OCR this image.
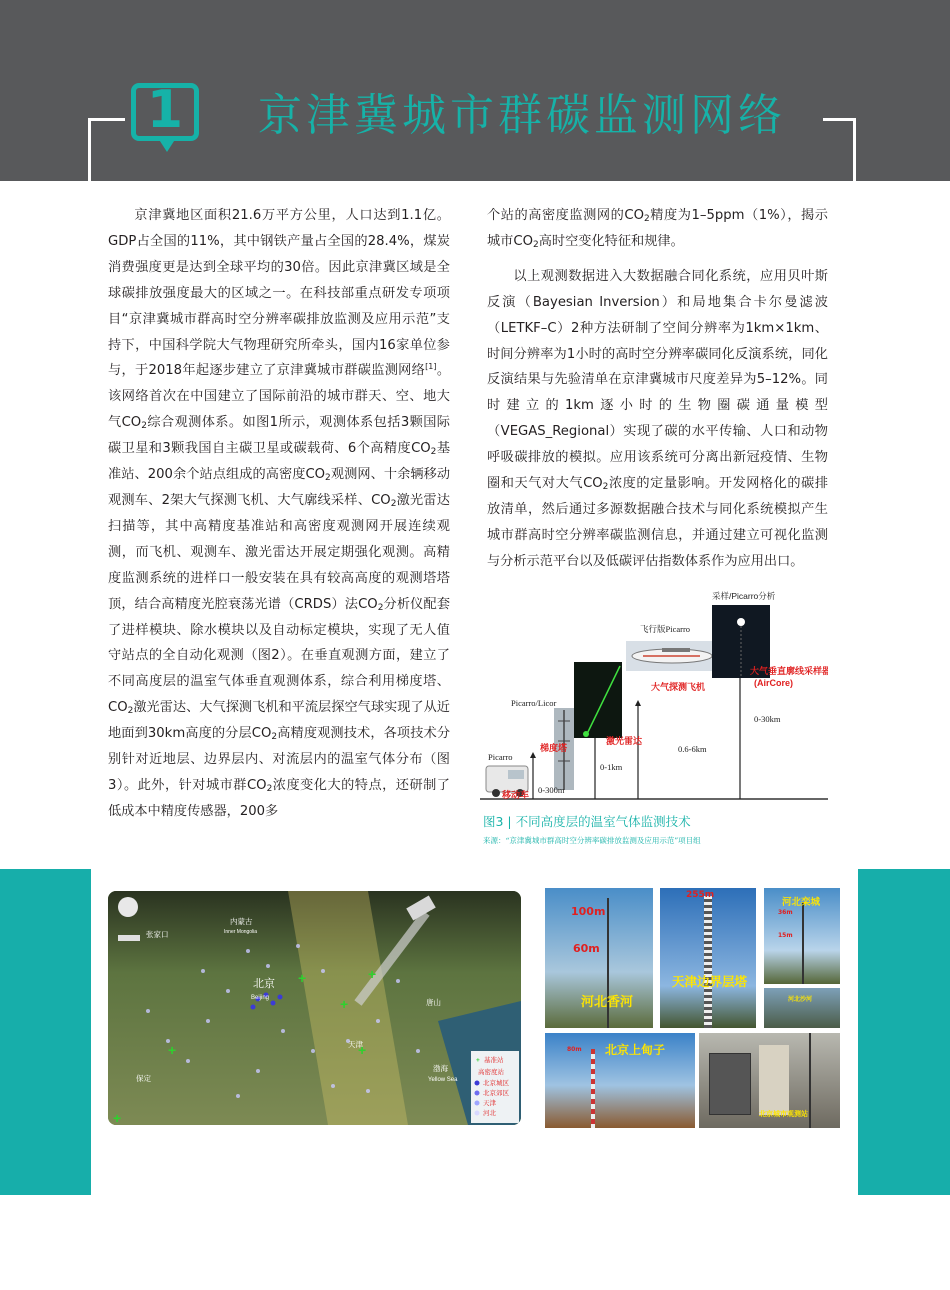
1	京津冀城市群碳监测网络

京津冀地区面积21.6万平方公里，人口达到1.1亿。GDP占全国的11%，其中钢铁产量占全国的28.4%，煤炭消费强度更是达到全球平均的30倍。因此京津冀区域是全球碳排放强度最大的区域之一。在科技部重点研发专项项目“京津冀城市群高时空分辨率碳排放监测及应用示范”支持下，中国科学院大气物理研究所牵头，国内16家单位参与，于2018年起逐步建立了京津冀城市群碳监测网络[1]。该网络首次在中国建立了国际前沿的城市群天、空、地大气$CO_2$综合观测体系。如图1所示，观测体系包括3颗国际碳卫星和3颗我国自主碳卫星或碳载荷、6个高精度$CO_2$基准站、200余个站点组成的高密度$CO_2$观测网、十余辆移动观测车、2架大气探测飞机、大气廓线采样、$CO_2$激光雷达扫描等，其中高精度基准站和高密度观测网开展连续观测，而飞机、观测车、激光雷达开展定期强化观测。高精度监测系统的进样口一般安装在具有较高高度的观测塔塔顶，结合高精度光腔衰荡光谱（CRDS）法$CO_2$分析仪配套了进样模块、除水模块以及自动标定模块，实现了无人值守站点的全自动化观测（图2）。在垂直观测方面，建立了不同高度层的温室气体垂直观测体系，综合利用梯度塔、$CO_2$激光雷达、大气探测飞机和平流层探空气球实现了从近地面到30km高度的分层$CO_2$高精度观测技术，各项技术分别针对近地层、边界层内、对流层内的温室气体分布（图3）。此外，针对城市群$CO_2$浓度变化大的特点，还研制了低成本中精度传感器，200多

个站的高密度监测网的$CO_2$精度为1–5ppm（1%），揭示城市$CO_2$高时空变化特征和规律。

以上观测数据进入大数据融合同化系统，应用贝叶斯反演（Bayesian Inversion）和局地集合卡尔曼滤波（LETKF–C）2种方法研制了空间分辨率为1km×1km、时间分辨率为1小时的高时空分辨率碳同化反演系统，同化反演结果与先验清单在京津冀城市尺度差异为5–12%。同时建立的1km逐小时的生物圈碳通量模型（VEGAS_Regional）实现了碳的水平传输、人口和动物呼吸碳排放的模拟。应用该系统可分离出新冠疫情、生物圈和天气对大气$CO_2$浓度的定量影响。开发网格化的碳排放清单，然后通过多源数据融合技术与同化系统模拟产生城市群高时空分辨率碳监测信息，并通过建立可视化监测与分析示范平台以及低碳评估指数体系作为应用出口。

Picarro
Picarro/Licor
飞行版Picarro
采样/Picarro分析
移动车
梯度塔
激光雷达
大气探测飞机
大气垂直廓线采样器
(AirCore)
0-300m
0-1km
0.6-6km
0-30km
图3 | 不同高度层的温室气体监测技术
来源：“京津冀城市群高时空分辨率碳排放监测及应用示范”项目组
+	+
+
+
+
+
内蒙古
Inner Mongolia
张家口
北京
Beijing	唐山
天津
渤海
Yellow Sea
保定
+ 基准站
高密度站
北京城区
北京郊区
天津
河北
图1 | 京津冀碳监测项目综合监测体系示意图
来源：“京津冀城市群高时空分辨率碳排放监测及应用示范”项目组
100m
60m
河北香河
255m
天津边界层塔
河北栾城
36m
15m
河北沙河
80m 北京上甸子
北京城市观测站
图2 | 京津冀碳监测项目高精度基准站外景及
$CO_2$高精度观测系统
来源：“京津冀城市群高时空分辨率碳排放监测及应用示范”项目组
